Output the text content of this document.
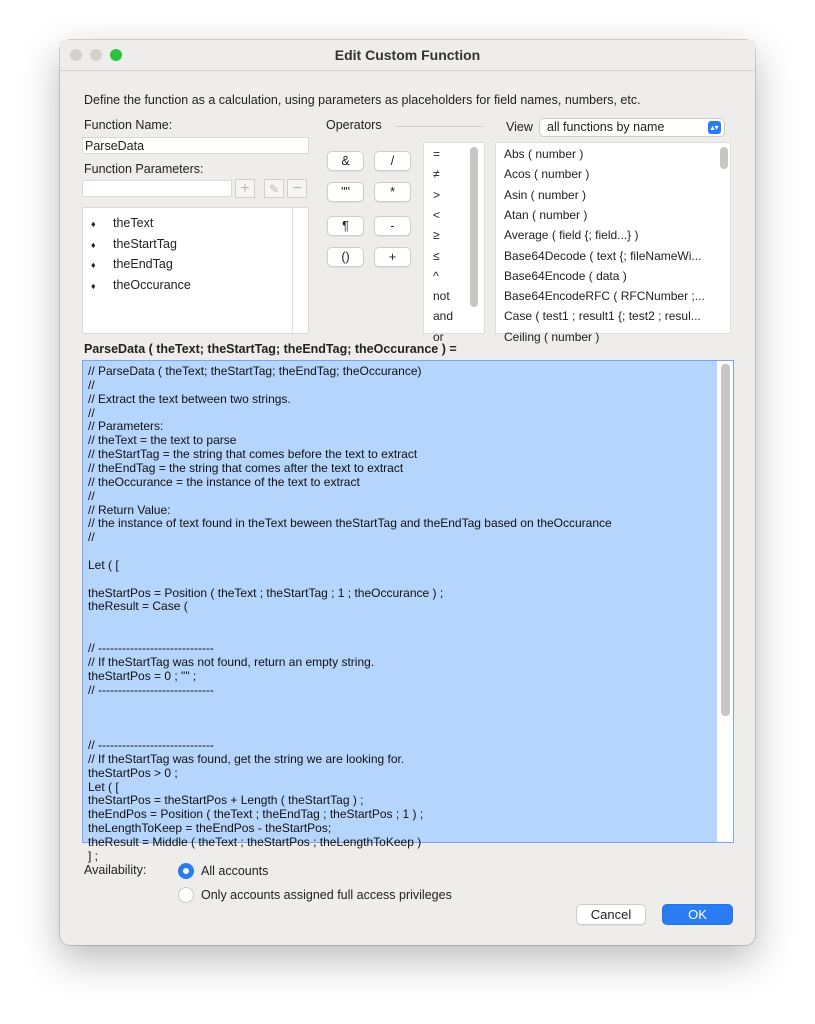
Edit Custom Function
Define the function as a calculation, using parameters as placeholders for field names, numbers, etc.
Function Name:
ParseData
Function Parameters:
+	✎ −
♦ theText
♦ theStartTag
♦ theEndTag
♦ theOccurance
Operators
&	/
""	*
¶	-
()	+
=
≠
>
<
≥
≤
^
not
and
or
View	all functions by name	▴▾
Abs ( number )
Acos ( number )
Asin ( number )
Atan ( number )
Average ( field {; field...} )
Base64Decode ( text {; fileNameWi...
Base64Encode ( data )
Base64EncodeRFC ( RFCNumber ;...
Case ( test1 ; result1 {; test2 ; resul...
Ceiling ( number )
ParseData ( theText; theStartTag; theEndTag; theOccurance ) =
// ParseData ( theText; theStartTag; theEndTag; theOccurance)
//
// Extract the text between two strings.
//
// Parameters:
// theText = the text to parse
// theStartTag = the string that comes before the text to extract
// theEndTag = the string that comes after the text to extract
// theOccurance = the instance of the text to extract
//
// Return Value:
// the instance of text found in theText beween theStartTag and theEndTag based on theOccurance
//
Let ( [
theStartPos = Position ( theText ; theStartTag ; 1 ; theOccurance ) ;
theResult = Case (
// -----------------------------
// If theStartTag was not found, return an empty string.
theStartPos = 0 ; "" ;
// -----------------------------
// -----------------------------
// If theStartTag was found, get the string we are looking for.
theStartPos > 0 ;
Let ( [
theStartPos = theStartPos + Length ( theStartTag ) ;
theEndPos = Position ( theText ; theEndTag ; theStartPos ; 1 ) ;
theLengthToKeep = theEndPos - theStartPos;
theResult = Middle ( theText ; theStartPos ; theLengthToKeep )
] ;
Availability:	All accounts
Only accounts assigned full access privileges
Cancel	OK
